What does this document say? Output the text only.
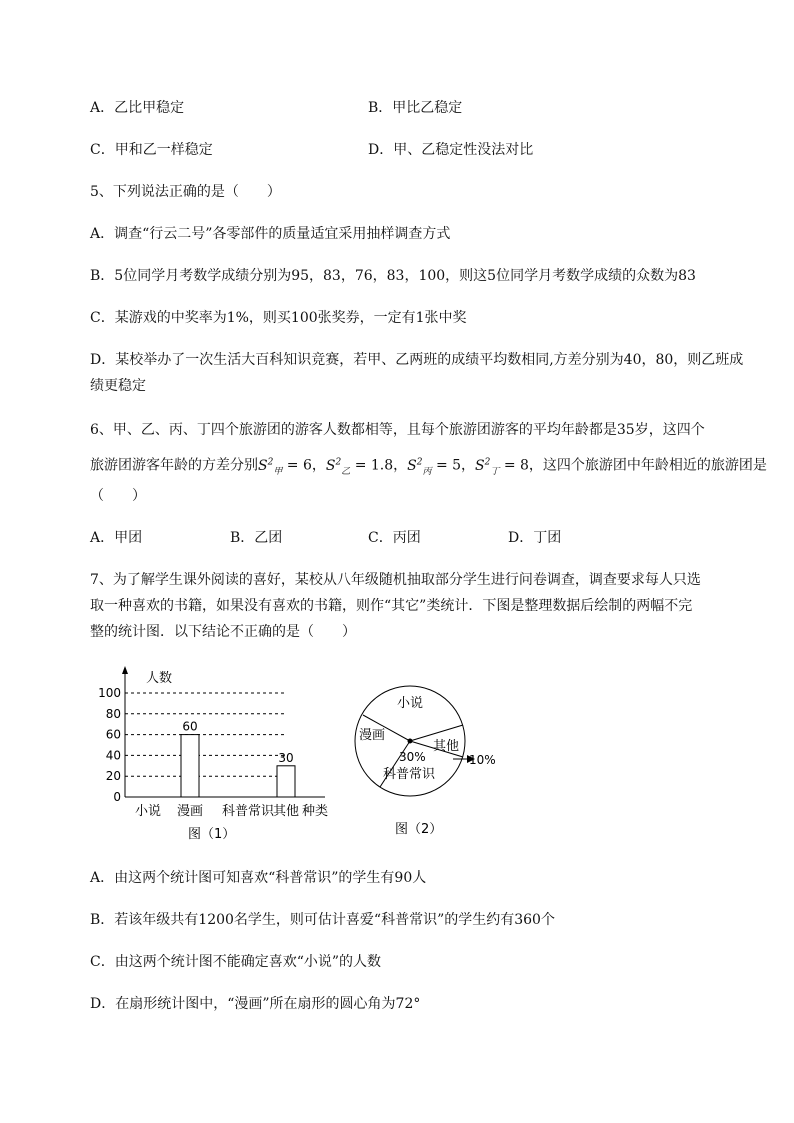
A．乙比甲稳定	B．甲比乙稳定
C．甲和乙一样稳定	D．甲、乙稳定性没法对比
5、下列说法正确的是（　　）
A．调查“行云二号”各零部件的质量适宜采用抽样调查方式
B．5位同学月考数学成绩分别为95，83，76，83，100，则这5位同学月考数学成绩的众数为83
C．某游戏的中奖率为1%，则买100张奖券，一定有1张中奖
D．某校举办了一次生活大百科知识竞赛，若甲、乙两班的成绩平均数相同,方差分别为40，80，则乙班成绩更稳定
6、甲、乙、丙、丁四个旅游团的游客人数都相等，且每个旅游团游客的平均年龄都是35岁，这四个
旅游团游客年龄的方差分别$S^2_甲 = 6$，$S^2_乙 = 1.8$，$S^2_丙 = 5$，$S^2_丁 = 8$，这四个旅游团中年龄相近的旅游团是
（　　）
A．甲团	B．乙团	C．丙团	D．丁团
7、为了解学生课外阅读的喜好，某校从八年级随机抽取部分学生进行问卷调查，调查要求每人只选
取一种喜欢的书籍，如果没有喜欢的书籍，则作“其它”类统计．下图是整理数据后绘制的两幅不完
整的统计图．以下结论不正确的是（　　）
0
20
40
60
80
100
60
30
小说 漫画 科普常识
其他
人数
种类
图（1）
小说
漫画
其他
30%
科普常识
10%
图（2）
A．由这两个统计图可知喜欢“科普常识”的学生有90人
B．若该年级共有1200名学生，则可估计喜爱“科普常识”的学生约有360个
C．由这两个统计图不能确定喜欢“小说”的人数
D．在扇形统计图中，“漫画”所在扇形的圆心角为72°
